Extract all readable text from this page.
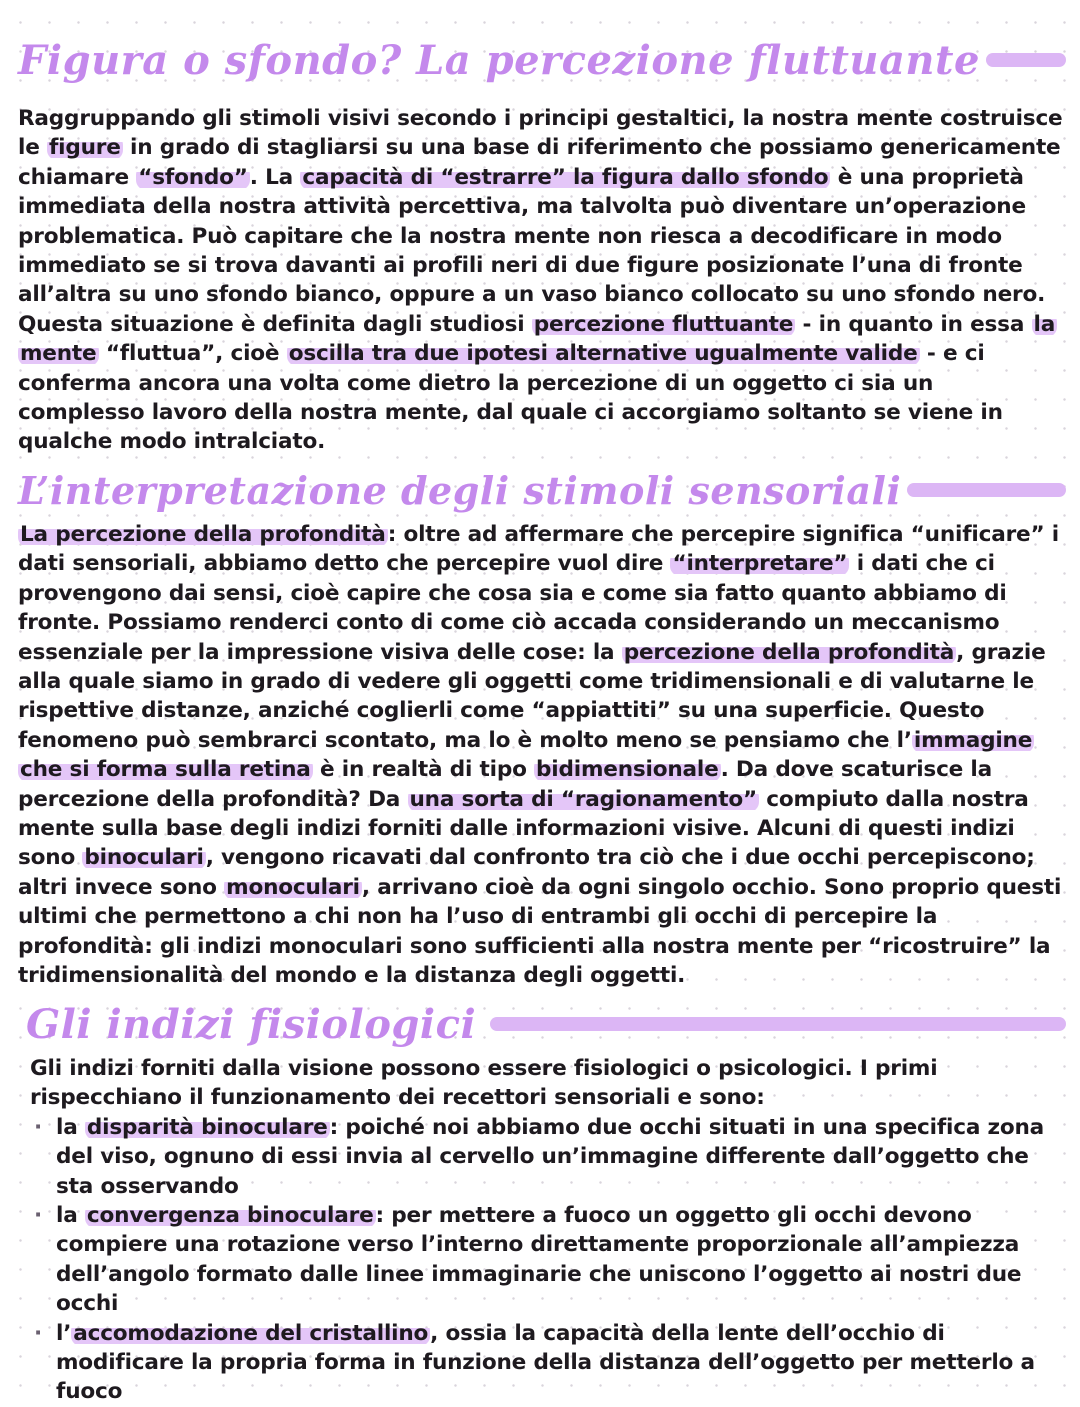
Figura o sfondo? La percezione fluttuante

Raggruppando gli stimoli visivi secondo i principi gestaltici, la nostra mente costruisce le figure in grado di stagliarsi su una base di riferimento che possiamo genericamente chiamare “sfondo”. La capacità di “estrarre” la figura dallo sfondo è una proprietà immediata della nostra attività percettiva, ma talvolta può diventare un’operazione problematica. Può capitare che la nostra mente non riesca a decodificare in modo immediato se si trova davanti ai profili neri di due figure posizionate l’una di fronte all’altra su uno sfondo bianco, oppure a un vaso bianco collocato su uno sfondo nero. Questa situazione è definita dagli studiosi percezione fluttuante - in quanto in essa la mente “fluttua”, cioè oscilla tra due ipotesi alternative ugualmente valide - e ci conferma ancora una volta come dietro la percezione di un oggetto ci sia un complesso lavoro della nostra mente, dal quale ci accorgiamo soltanto se viene in qualche modo intralciato.

L’interpretazione degli stimoli sensoriali

La percezione della profondità: oltre ad affermare che percepire significa “unificare” i dati sensoriali, abbiamo detto che percepire vuol dire “interpretare” i dati che ci provengono dai sensi, cioè capire che cosa sia e come sia fatto quanto abbiamo di fronte. Possiamo renderci conto di come ciò accada considerando un meccanismo essenziale per la impressione visiva delle cose: la percezione della profondità, grazie alla quale siamo in grado di vedere gli oggetti come tridimensionali e di valutarne le rispettive distanze, anziché coglierli come “appiattiti” su una superficie. Questo fenomeno può sembrarci scontato, ma lo è molto meno se pensiamo che l’immagine che si forma sulla retina è in realtà di tipo bidimensionale. Da dove scaturisce la percezione della profondità? Da una sorta di “ragionamento” compiuto dalla nostra mente sulla base degli indizi forniti dalle informazioni visive. Alcuni di questi indizi sono binoculari, vengono ricavati dal confronto tra ciò che i due occhi percepiscono; altri invece sono monoculari, arrivano cioè da ogni singolo occhio. Sono proprio questi ultimi che permettono a chi non ha l’uso di entrambi gli occhi di percepire la profondità: gli indizi monoculari sono sufficienti alla nostra mente per “ricostruire” la tridimensionalità del mondo e la distanza degli oggetti.

Gli indizi fisiologici

Gli indizi forniti dalla visione possono essere fisiologici o psicologici. I primi rispecchiano il funzionamento dei recettori sensoriali e sono:

· la disparità binoculare: poiché noi abbiamo due occhi situati in una specifica zona del viso, ognuno di essi invia al cervello un’immagine differente dall’oggetto che sta osservando
· la convergenza binoculare: per mettere a fuoco un oggetto gli occhi devono compiere una rotazione verso l’interno direttamente proporzionale all’ampiezza dell’angolo formato dalle linee immaginarie che uniscono l’oggetto ai nostri due occhi
· l’accomodazione del cristallino, ossia la capacità della lente dell’occhio di modificare la propria forma in funzione della distanza dell’oggetto per metterlo a fuoco
